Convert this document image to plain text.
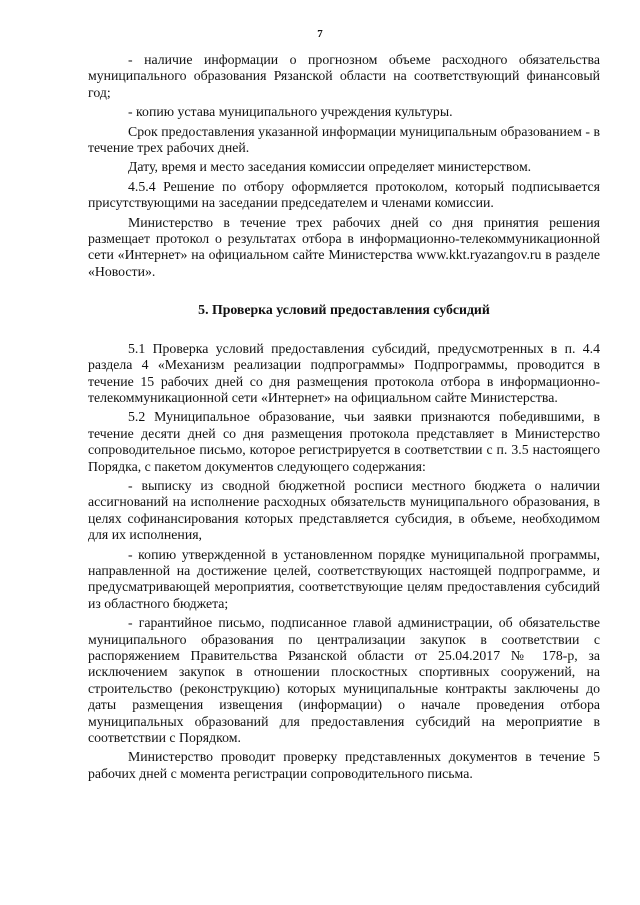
7

- наличие информации о прогнозном объеме расходного обязательства муниципального образования Рязанской области на соответствующий финансовый год;

- копию устава муниципального учреждения культуры.

Срок предоставления указанной информации муниципальным образованием - в течение трех рабочих дней.

Дату, время и место заседания комиссии определяет министерством.

4.5.4 Решение по отбору оформляется протоколом, который подписывается присутствующими на заседании председателем и членами комиссии.

Министерство в течение трех рабочих дней со дня принятия решения размещает протокол о результатах отбора в информационно-телекоммуникационной сети «Интернет» на официальном сайте Министерства www.kkt.ryazangov.ru в разделе «Новости».

5. Проверка условий предоставления субсидий

5.1 Проверка условий предоставления субсидий, предусмотренных в п. 4.4 раздела 4 «Механизм реализации подпрограммы» Подпрограммы, проводится в течение 15 рабочих дней со дня размещения протокола отбора в информационно-телекоммуникационной сети «Интернет» на официальном сайте Министерства.

5.2 Муниципальное образование, чьи заявки признаются победившими, в течение десяти дней со дня размещения протокола представляет в Министерство сопроводительное письмо, которое регистрируется в соответствии с п. 3.5 настоящего Порядка, с пакетом документов следующего содержания:

- выписку из сводной бюджетной росписи местного бюджета о наличии ассигнований на исполнение расходных обязательств муниципального образования, в целях софинансирования которых представляется субсидия, в объеме, необходимом для их исполнения,

- копию утвержденной в установленном порядке муниципальной программы, направленной на достижение целей, соответствующих настоящей подпрограмме, и предусматривающей мероприятия, соответствующие целям предоставления субсидий из областного бюджета;

- гарантийное письмо, подписанное главой администрации, об обязательстве муниципального образования по централизации закупок в соответствии с распоряжением Правительства Рязанской области от 25.04.2017 № 178-р, за исключением закупок в отношении плоскостных спортивных сооружений, на строительство (реконструкцию) которых муниципальные контракты заключены до даты размещения извещения (информации) о начале проведения отбора муниципальных образований для предоставления субсидий на мероприятие в соответствии с Порядком.

Министерство проводит проверку представленных документов в течение 5 рабочих дней с момента регистрации сопроводительного письма.
